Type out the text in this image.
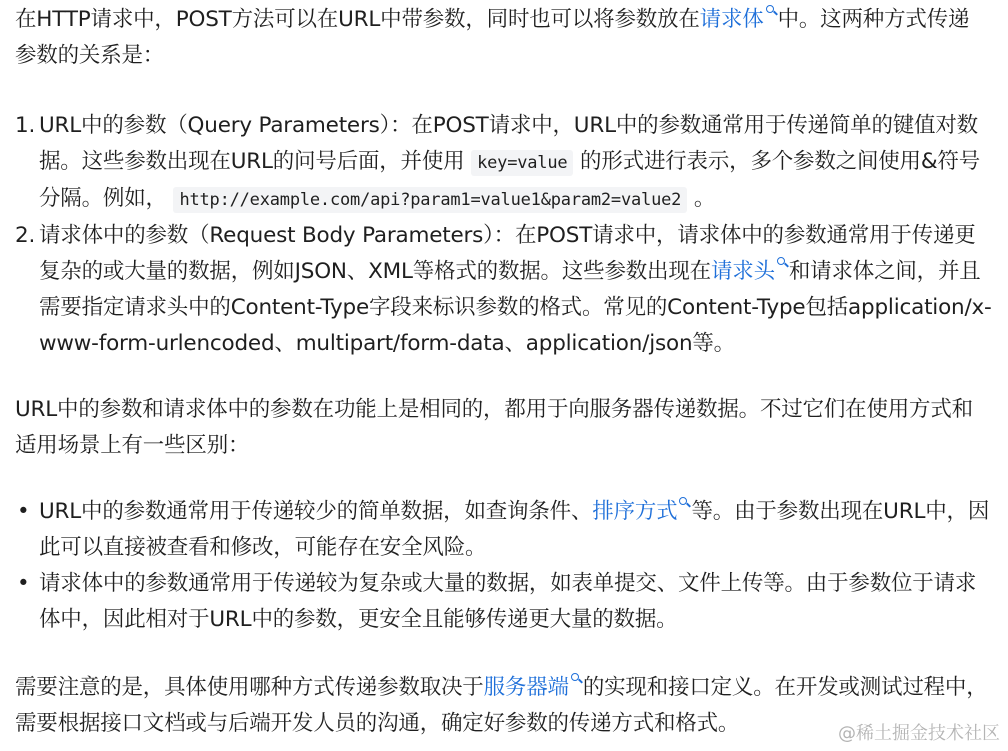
在HTTP请求中，POST方法可以在URL中带参数，同时也可以将参数放在请求体 中。这两种方式传递参数的关系是：

1. URL中的参数（Query Parameters）：在POST请求中，URL中的参数通常用于传递简单的键值对数据。这些参数出现在URL的问号后面，并使用 key=value 的形式进行表示，多个参数之间使用&符号分隔。例如， http://example.com/api?param1=value1&param2=value2 。
2. 请求体中的参数（Request Body Parameters）：在POST请求中，请求体中的参数通常用于传递更复杂的或大量的数据，例如JSON、XML等格式的数据。这些参数出现在请求头 和请求体之间，并且需要指定请求头中的Content-Type字段来标识参数的格式。常见的Content-Type包括application/x-www-form-urlencoded、multipart/form-data、application/json等。

URL中的参数和请求体中的参数在功能上是相同的，都用于向服务器传递数据。不过它们在使用方式和适用场景上有一些区别：

• URL中的参数通常用于传递较少的简单数据，如查询条件、排序方式 等。由于参数出现在URL中，因此可以直接被查看和修改，可能存在安全风险。
• 请求体中的参数通常用于传递较为复杂或大量的数据，如表单提交、文件上传等。由于参数位于请求体中，因此相对于URL中的参数，更安全且能够传递更大量的数据。

需要注意的是，具体使用哪种方式传递参数取决于服务器端 的实现和接口定义。在开发或测试过程中，需要根据接口文档或与后端开发人员的沟通，确定好参数的传递方式和格式。	@稀土掘金技术社区
